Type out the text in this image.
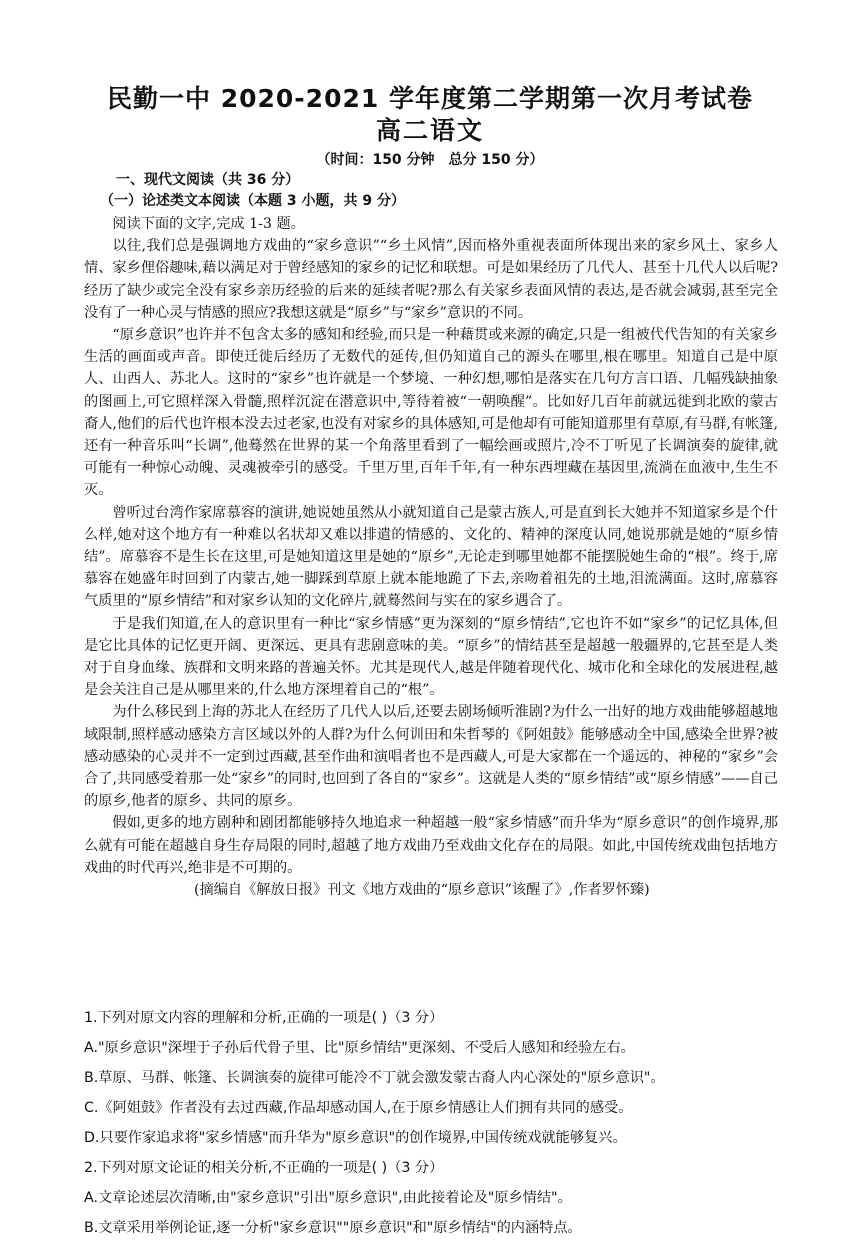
民勤一中 2020-2021 学年度第二学期第一次月考试卷
高二语文
（时间：150 分钟　总分 150 分）
一、现代文阅读（共 36 分）
（一）论述类文本阅读（本题 3 小题，共 9 分）

阅读下面的文字,完成 1-3 题。

以往,我们总是强调地方戏曲的“家乡意识”“乡土风情”,因而格外重视表面所体现出来的家乡风土、家乡人情、家乡俚俗趣味,藉以满足对于曾经感知的家乡的记忆和联想。可是如果经历了几代人、甚至十几代人以后呢?经历了缺少或完全没有家乡亲历经验的后来的延续者呢?那么有关家乡表面风情的表达,是否就会减弱,甚至完全没有了一种心灵与情感的照应?我想这就是“原乡”与“家乡”意识的不同。

“原乡意识”也许并不包含太多的感知和经验,而只是一种藉贯或来源的确定,只是一组被代代告知的有关家乡生活的画面或声音。即使迁徙后经历了无数代的延传,但仍知道自己的源头在哪里,根在哪里。知道自己是中原人、山西人、苏北人。这时的“家乡”也许就是一个梦境、一种幻想,哪怕是落实在几句方言口语、几幅残缺抽象的图画上,可它照样深入骨髓,照样沉淀在潜意识中,等待着被“一朝唤醒”。比如好几百年前就远徙到北欧的蒙古裔人,他们的后代也许根本没去过老家,也没有对家乡的具体感知,可是他却有可能知道那里有草原,有马群,有帐篷,还有一种音乐叫“长调”,他蓦然在世界的某一个角落里看到了一幅绘画或照片,冷不丁听见了长调演奏的旋律,就可能有一种惊心动魄、灵魂被牵引的感受。千里万里,百年千年,有一种东西埋藏在基因里,流淌在血液中,生生不灭。

曾听过台湾作家席慕容的演讲,她说她虽然从小就知道自己是蒙古族人,可是直到长大她并不知道家乡是个什么样,她对这个地方有一种难以名状却又难以排遣的情感的、文化的、精神的深度认同,她说那就是她的“原乡情结”。席慕容不是生长在这里,可是她知道这里是她的“原乡”,无论走到哪里她都不能摆脱她生命的“根”。终于,席慕容在她盛年时回到了内蒙古,她一脚踩到草原上就本能地跪了下去,亲吻着祖先的土地,泪流满面。这时,席慕容气质里的“原乡情结”和对家乡认知的文化碎片,就蓦然间与实在的家乡遇合了。

于是我们知道,在人的意识里有一种比“家乡情感”更为深刻的“原乡情结”,它也许不如“家乡”的记忆具体,但是它比具体的记忆更开阔、更深远、更具有悲剧意味的美。“原乡”的情结甚至是超越一般疆界的,它甚至是人类对于自身血缘、族群和文明来路的普遍关怀。尤其是现代人,越是伴随着现代化、城市化和全球化的发展进程,越是会关注自己是从哪里来的,什么地方深埋着自己的“根”。

为什么移民到上海的苏北人在经历了几代人以后,还要去剧场倾听淮剧?为什么一出好的地方戏曲能够超越地域限制,照样感动感染方言区域以外的人群?为什么何训田和朱哲琴的《阿姐鼓》能够感动全中国,感染全世界?被感动感染的心灵并不一定到过西藏,甚至作曲和演唱者也不是西藏人,可是大家都在一个遥远的、神秘的“家乡”会合了,共同感受着那一处“家乡”的同时,也回到了各自的“家乡”。这就是人类的“原乡情结”或“原乡情感”——自己的原乡,他者的原乡、共同的原乡。

假如,更多的地方剧种和剧团都能够持久地追求一种超越一般“家乡情感”而升华为“原乡意识”的创作境界,那么就有可能在超越自身生存局限的同时,超越了地方戏曲乃至戏曲文化存在的局限。如此,中国传统戏曲包括地方戏曲的时代再兴,绝非是不可期的。

(摘编自《解放日报》刊文《地方戏曲的“原乡意识”该醒了》,作者罗怀臻)

1.下列对原文内容的理解和分析,正确的一项是( )（3 分）
A."原乡意识"深埋于子孙后代骨子里、比"原乡情结"更深刻、不受后人感知和经验左右。
B.草原、马群、帐篷、长调演奏的旋律可能冷不丁就会激发蒙古裔人内心深处的"原乡意识"。
C.《阿姐鼓》作者没有去过西藏,作品却感动国人,在于原乡情感让人们拥有共同的感受。
D.只要作家追求将"家乡情感"而升华为"原乡意识"的创作境界,中国传统戏就能够复兴。
2.下列对原文论证的相关分析,不正确的一项是( )（3 分）
A.文章论述层次清晰,由"家乡意识"引出"原乡意识",由此接着论及"原乡情结"。
B.文章采用举例论证,逐一分析"家乡意识""原乡意识"和"原乡情结"的内涵特点。
